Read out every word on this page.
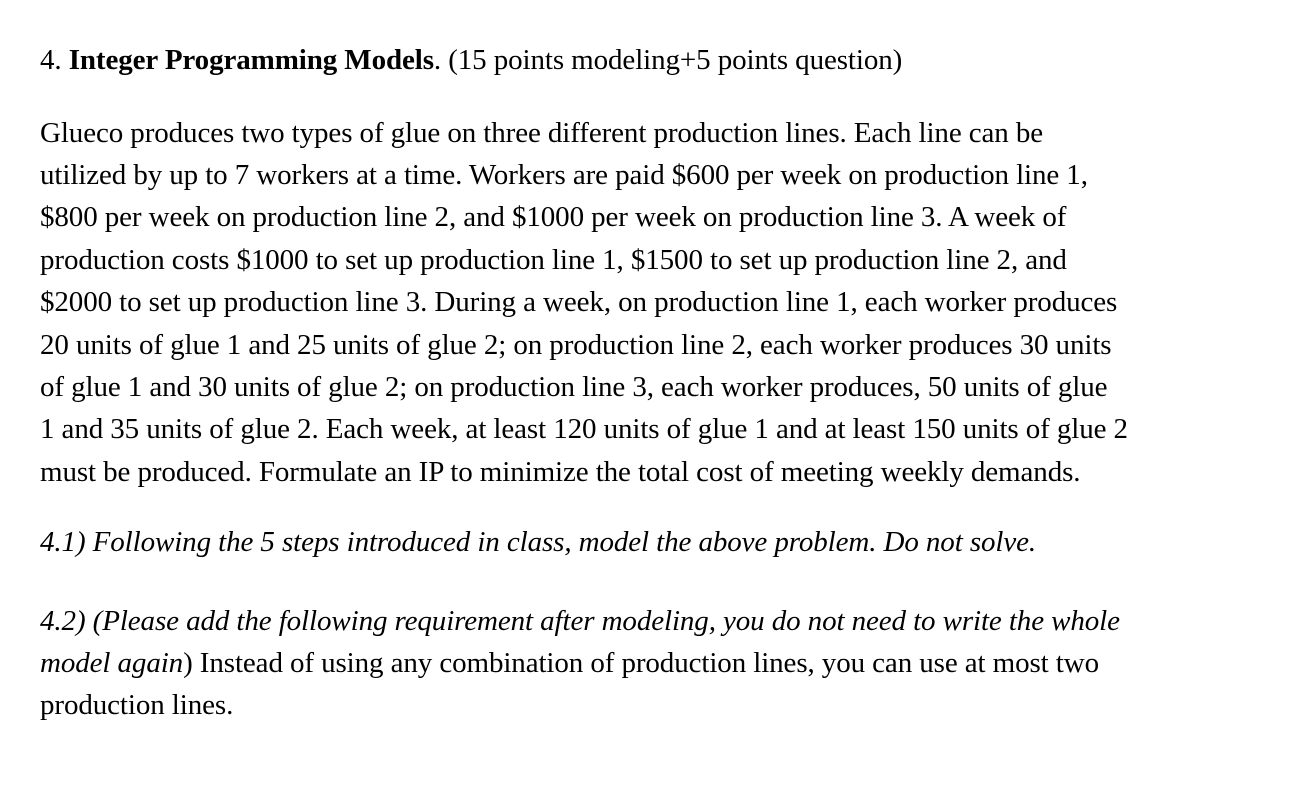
4. Integer Programming Models. (15 points modeling+5 points question)
Glueco produces two types of glue on three different production lines. Each line can be
utilized by up to 7 workers at a time. Workers are paid $600 per week on production line 1,
$800 per week on production line 2, and $1000 per week on production line 3. A week of
production costs $1000 to set up production line 1, $1500 to set up production line 2, and
$2000 to set up production line 3. During a week, on production line 1, each worker produces
20 units of glue 1 and 25 units of glue 2; on production line 2, each worker produces 30 units
of glue 1 and 30 units of glue 2; on production line 3, each worker produces, 50 units of glue
1 and 35 units of glue 2. Each week, at least 120 units of glue 1 and at least 150 units of glue 2
must be produced. Formulate an IP to minimize the total cost of meeting weekly demands.
4.1) Following the 5 steps introduced in class, model the above problem. Do not solve.
4.2) (Please add the following requirement after modeling, you do not need to write the whole
model again) Instead of using any combination of production lines, you can use at most two
production lines.
